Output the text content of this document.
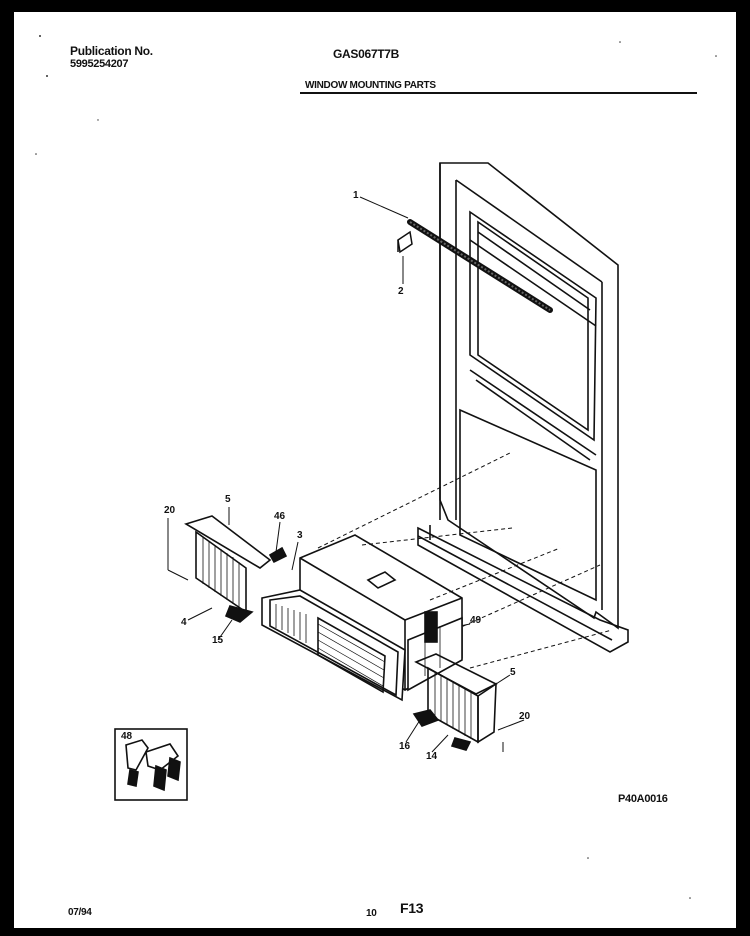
Publication No.
5995254207
GAS067T7B
WINDOW MOUNTING PARTS
1
2
20
5
46
3
4
15
49
5
20
16
14
48
P40A0016
07/94	10 F13
